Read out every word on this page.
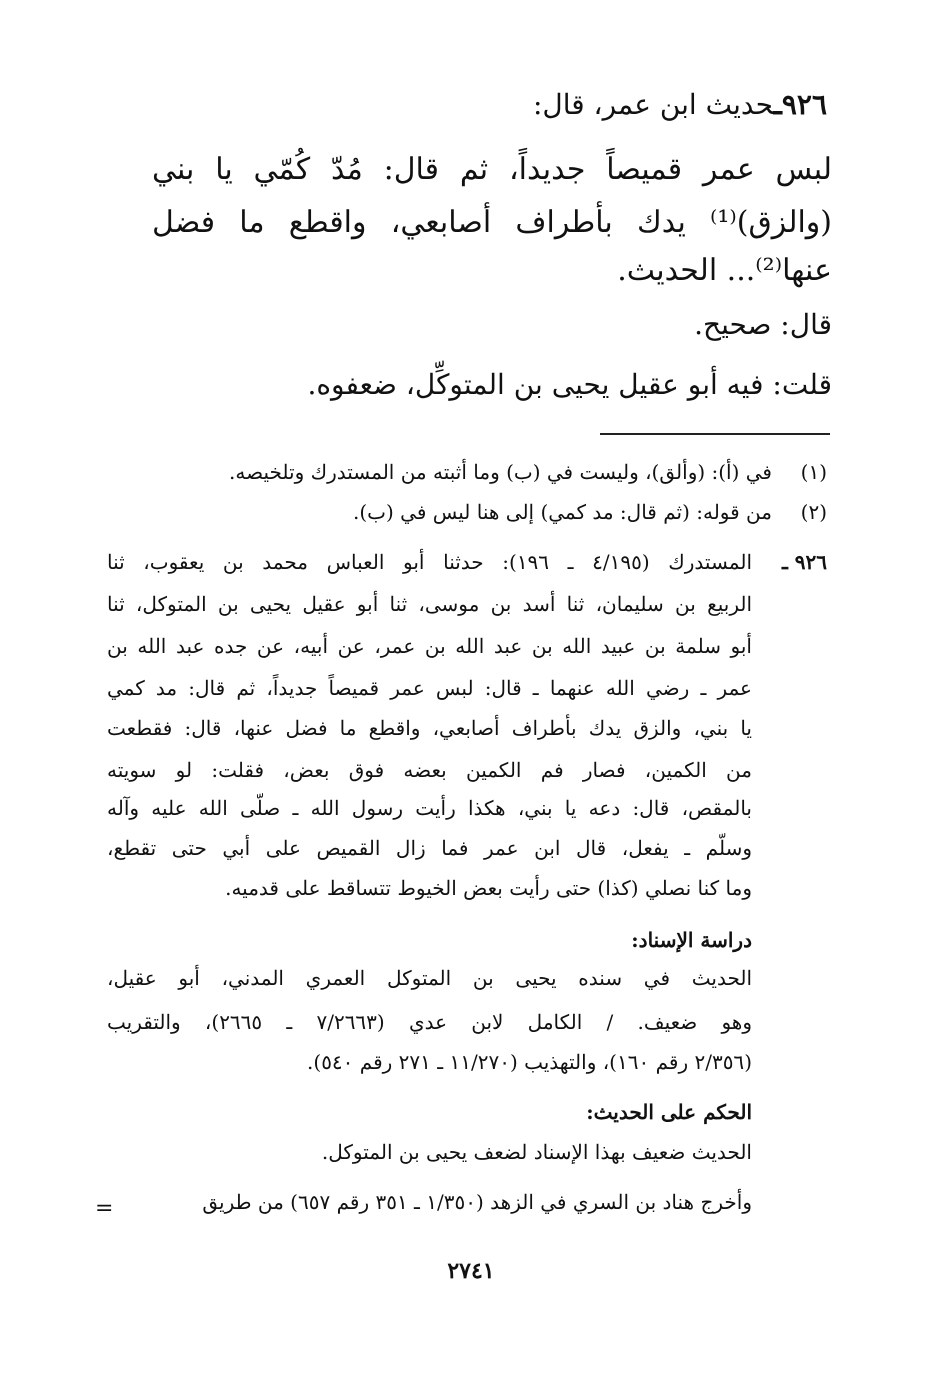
٩٢٦ـحديث ابن عمر، قال:
لبس عمر قميصاً جديداً، ثم قال: مُدّ كُمّي يا بني
(والزق)⁽¹⁾ يدك بأطراف أصابعي، واقطع ما فضل
عنها⁽²⁾... الحديث.
قال: صحيح.
قلت: فيه أبو عقيل يحيى بن المتوكِّل، ضعفوه.
(١)في (أ): (وألق)، وليست في (ب) وما أثبته من المستدرك وتلخيصه.
(٢)من قوله: (ثم قال: مد كمي) إلى هنا ليس في (ب).
٩٢٦ ـ
المستدرك (٤/١٩٥ ـ ١٩٦): حدثنا أبو العباس محمد بن يعقوب، ثنا
الربيع بن سليمان، ثنا أسد بن موسى، ثنا أبو عقيل يحيى بن المتوكل، ثنا
أبو سلمة بن عبيد الله بن عبد الله بن عمر، عن أبيه، عن جده عبد الله بن
عمر ـ رضي الله عنهما ـ قال: لبس عمر قميصاً جديداً، ثم قال: مد كمي
يا بني، والزق يدك بأطراف أصابعي، واقطع ما فضل عنها، قال: فقطعت
من الكمين، فصار فم الكمين بعضه فوق بعض، فقلت: لو سويته
بالمقص، قال: دعه يا بني، هكذا رأيت رسول الله ـ صلّى الله عليه وآله
وسلّم ـ يفعل، قال ابن عمر فما زال القميص على أبي حتى تقطع،
وما كنا نصلي (كذا) حتى رأيت بعض الخيوط تتساقط على قدميه.
دراسة الإسناد:
الحديث في سنده يحيى بن المتوكل العمري المدني، أبو عقيل،
وهو ضعيف. / الكامل لابن عدي (٧/٢٦٦٣ ـ ٢٦٦٥)، والتقريب
(٢/٣٥٦ رقم ١٦٠)، والتهذيب (١١/٢٧٠ ـ ٢٧١ رقم ٥٤٠).
الحكم على الحديث:
الحديث ضعيف بهذا الإسناد لضعف يحيى بن المتوكل.
وأخرج هناد بن السري في الزهد (١/٣٥٠ ـ ٣٥١ رقم ٦٥٧) من طريق
=
٢٧٤١
